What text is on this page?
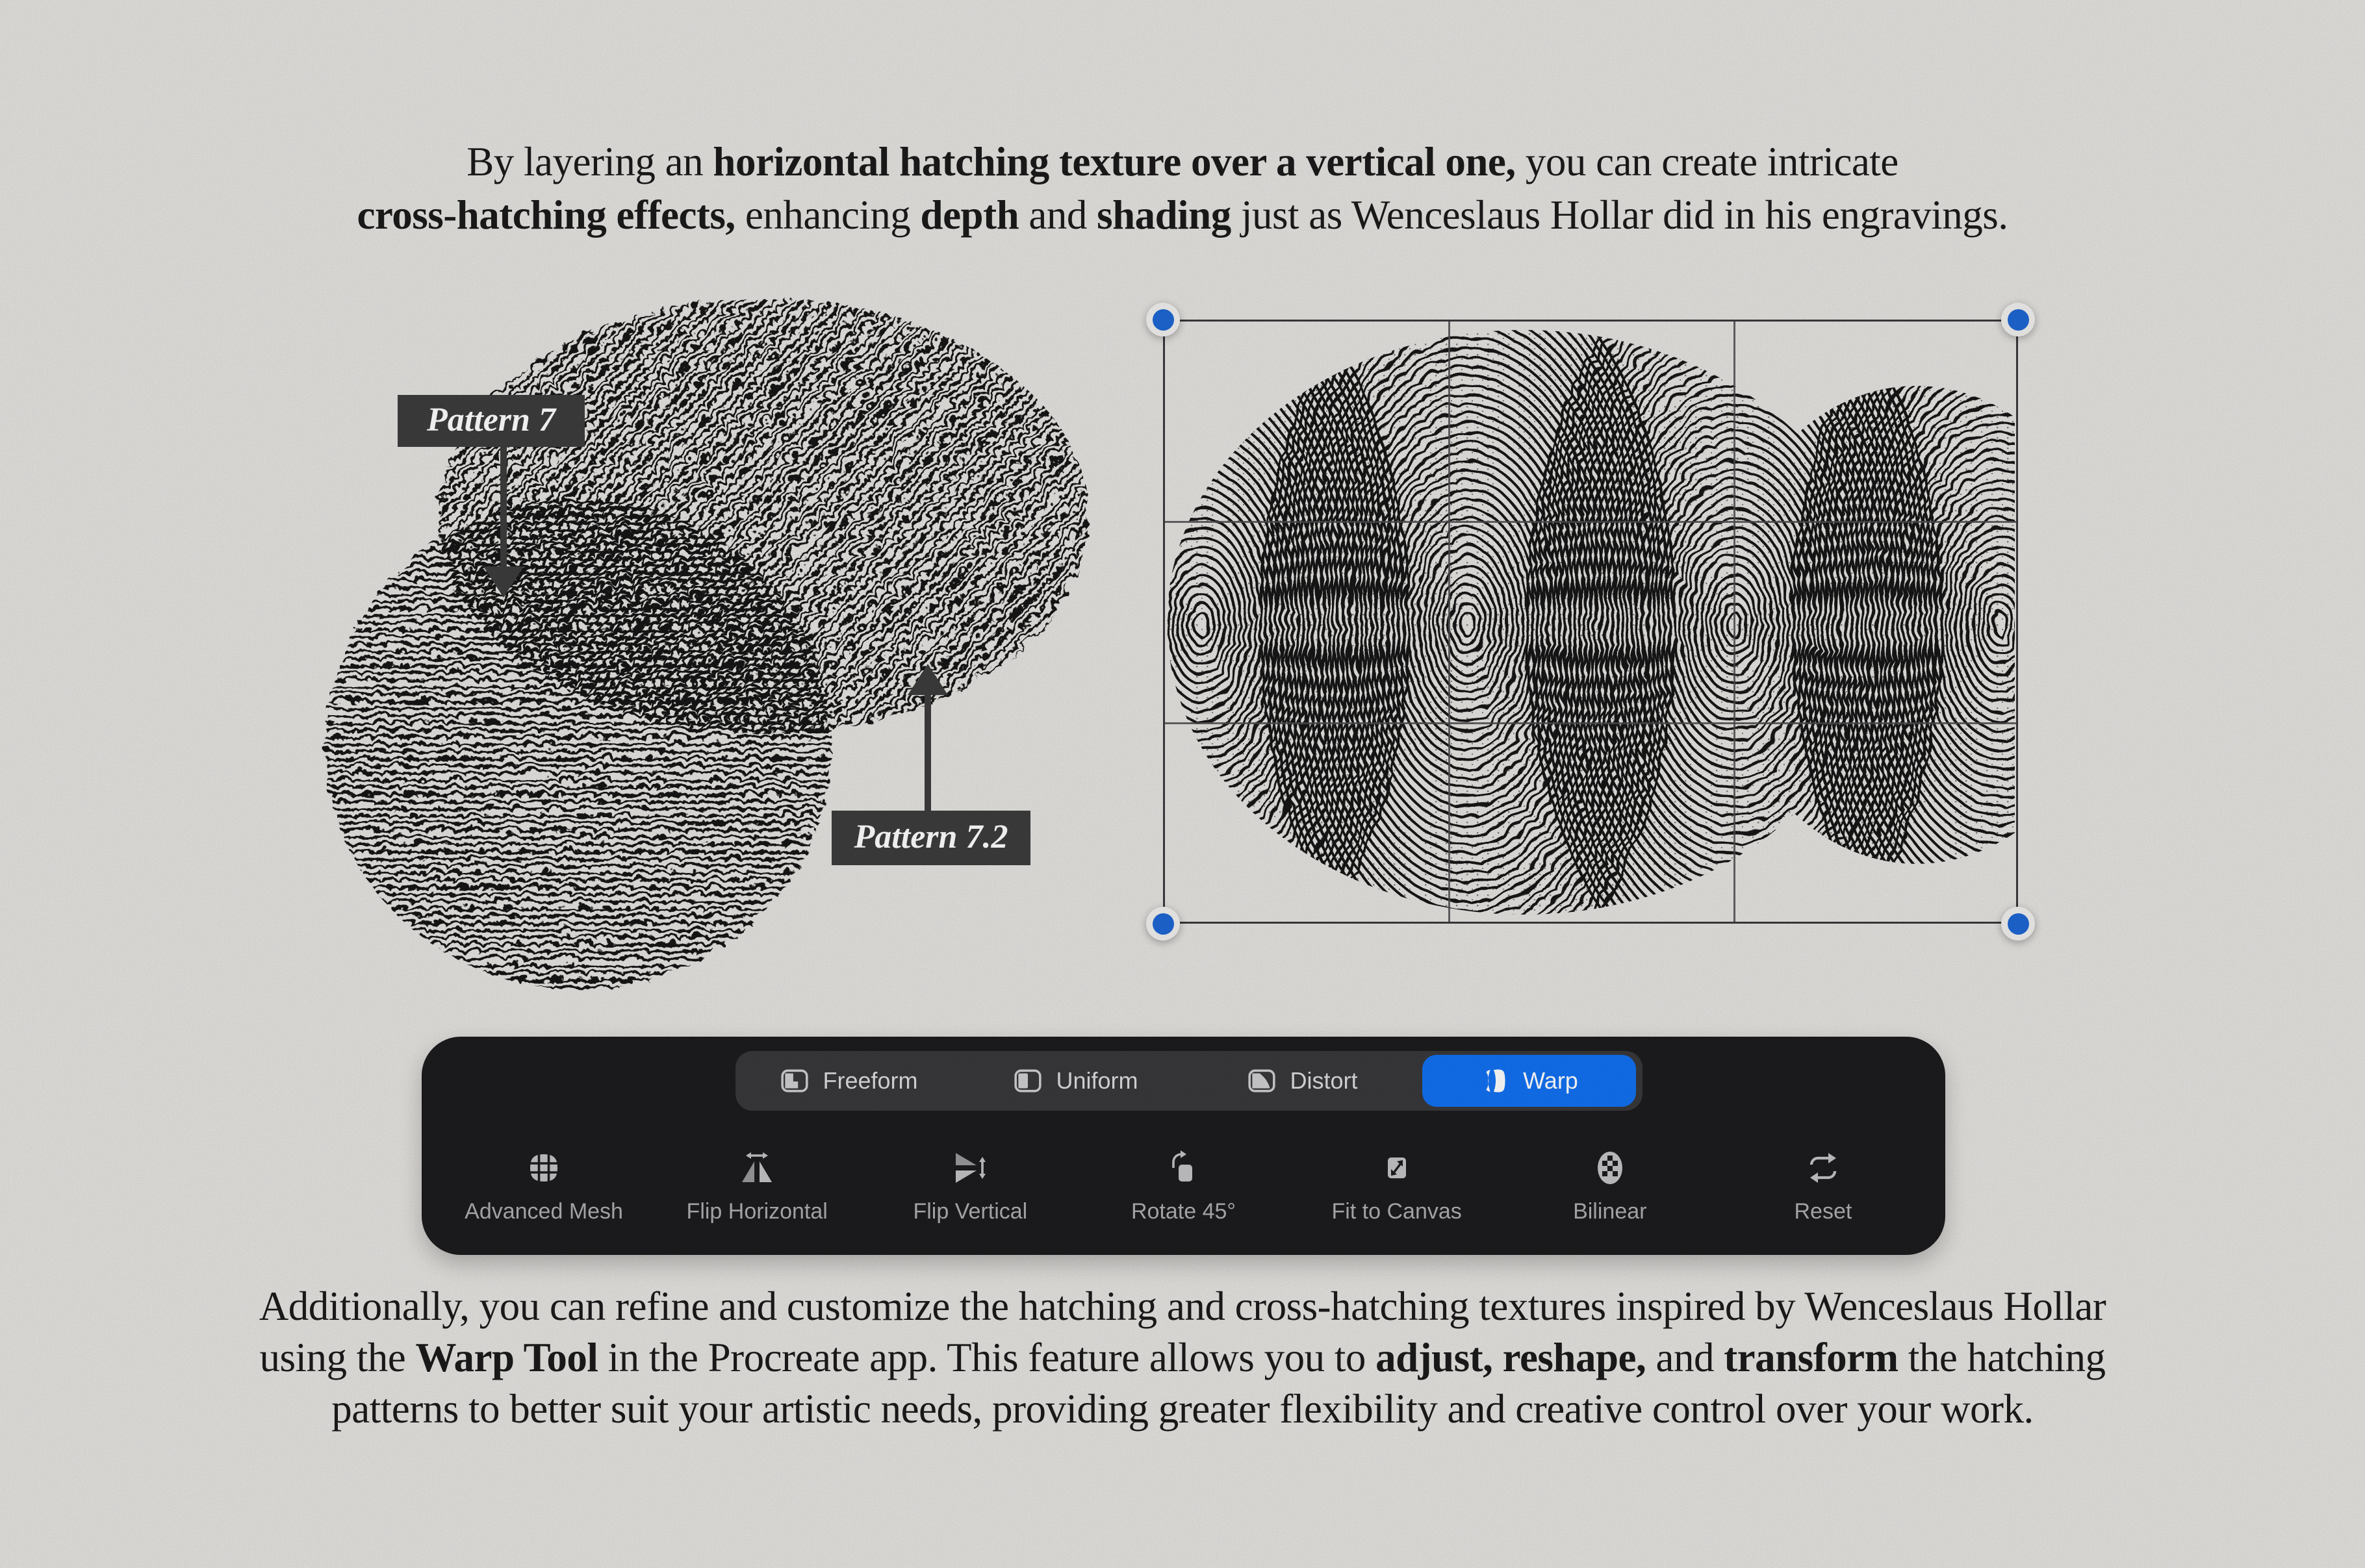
By layering an horizontal hatching texture over a vertical one, you can create intricate
cross-hatching effects, enhancing depth and shading just as Wenceslaus Hollar did in his engravings.
Pattern 7
Pattern 7.2
Freeform	Uniform	Distort	Warp
Advanced Mesh	Flip Horizontal	Flip Vertical	Rotate 45°	Fit to Canvas	Bilinear	Reset
Additionally, you can refine and customize the hatching and cross-hatching textures inspired by Wenceslaus Hollar
using the Warp Tool in the Procreate app. This feature allows you to adjust, reshape, and transform the hatching
patterns to better suit your artistic needs, providing greater flexibility and creative control over your work.
